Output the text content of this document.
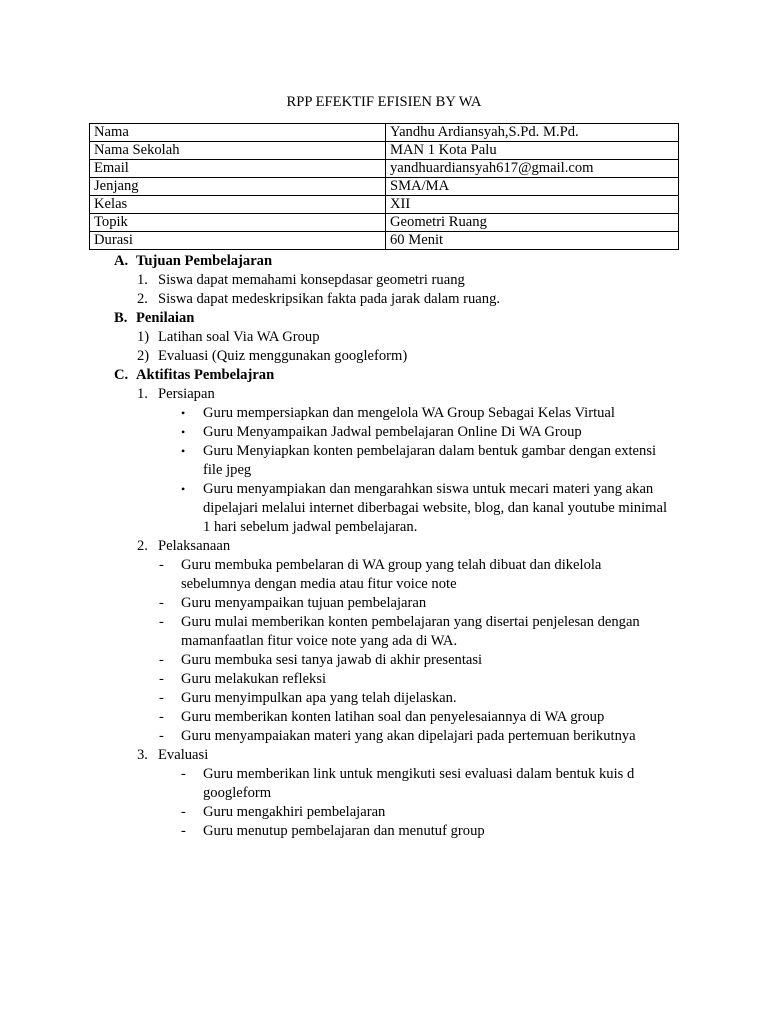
RPP EFEKTIF EFISIEN BY WA
Nama	Yandhu Ardiansyah,S.Pd. M.Pd.
Nama Sekolah	MAN 1 Kota Palu
Email	yandhuardiansyah617@gmail.com
Jenjang	SMA/MA
Kelas	XII
Topik	Geometri Ruang
Durasi	60 Menit
A. Tujuan Pembelajaran
1. Siswa dapat memahami konsepdasar geometri ruang
2. Siswa dapat medeskripsikan fakta pada jarak dalam ruang.
B. Penilaian
1) Latihan soal Via WA Group
2) Evaluasi (Quiz menggunakan googleform)
C. Aktifitas Pembelajran
1. Persiapan
• Guru mempersiapkan dan mengelola WA Group Sebagai Kelas Virtual
• Guru Menyampaikan Jadwal pembelajaran Online Di WA Group
• Guru Menyiapkan konten pembelajaran dalam bentuk gambar dengan extensi file jpeg
• Guru menyampiakan dan mengarahkan siswa untuk mecari materi yang akan dipelajari melalui internet diberbagai website, blog, dan kanal youtube minimal 1 hari sebelum jadwal pembelajaran.
2. Pelaksanaan
- Guru membuka pembelaran di WA group yang telah dibuat dan dikelola sebelumnya dengan media atau fitur voice note
- Guru menyampaikan tujuan pembelajaran
- Guru mulai memberikan konten pembelajaran yang disertai penjelesan dengan mamanfaatlan fitur voice note yang ada di WA.
- Guru membuka sesi tanya jawab di akhir presentasi
- Guru melakukan refleksi
- Guru menyimpulkan apa yang telah dijelaskan.
- Guru memberikan konten latihan soal dan penyelesaiannya di WA group
- Guru menyampaiakan materi yang akan dipelajari pada pertemuan berikutnya
3. Evaluasi
- Guru memberikan link untuk mengikuti sesi evaluasi dalam bentuk kuis d googleform
- Guru mengakhiri pembelajaran
- Guru menutup pembelajaran dan menutuf group
